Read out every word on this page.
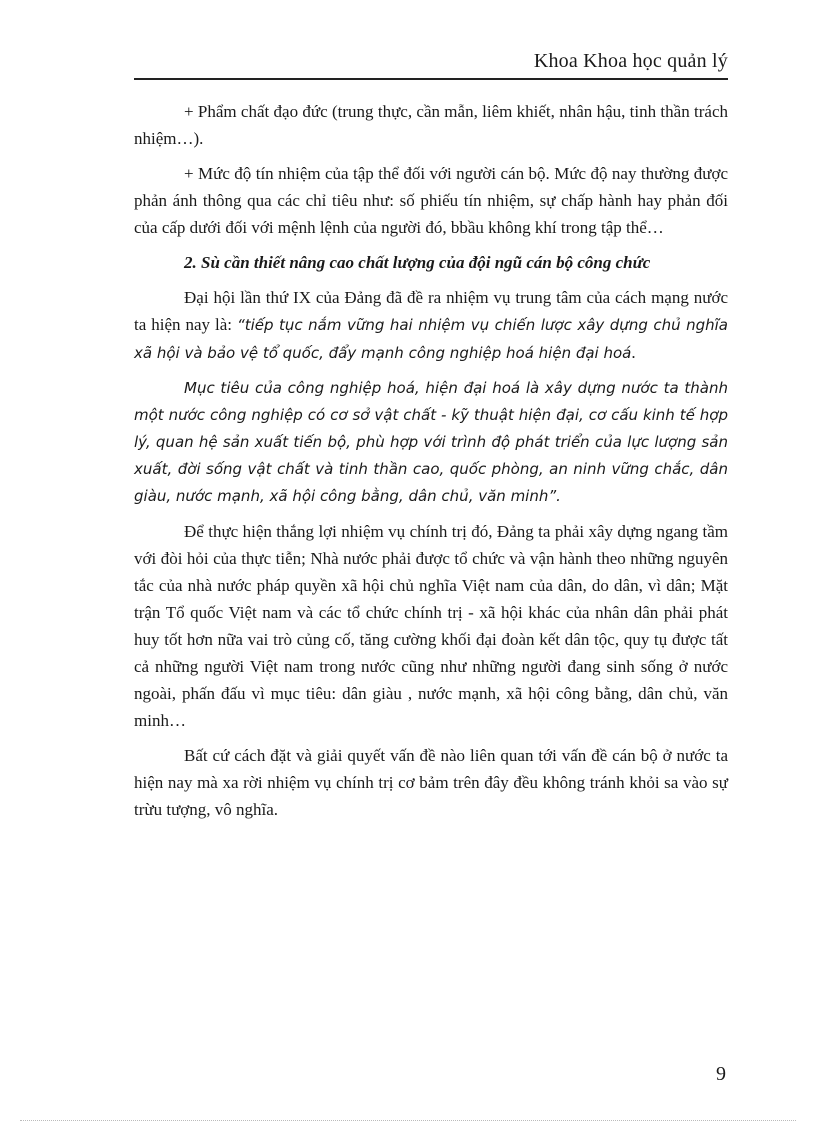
Khoa Khoa học quản lý

+ Phẩm chất đạo đức (trung thực, cần mẫn, liêm khiết, nhân hậu, tinh thần trách nhiệm…).

+ Mức độ tín nhiệm của tập thể đối với người cán bộ. Mức độ nay thường được phản ánh thông qua các chỉ tiêu như: số phiếu tín nhiệm, sự chấp hành hay phản đối của cấp dưới đối với mệnh lệnh của người đó, bbầu không khí trong tập thể…

2. Sù cần thiết nâng cao chất lượng của đội ngũ cán bộ công chức

Đại hội lần thứ IX của Đảng đã đề ra nhiệm vụ trung tâm của cách mạng nước ta hiện nay là: “tiếp tục nắm vững hai nhiệm vụ chiến lược xây dựng chủ nghĩa xã hội và bảo vệ tổ quốc, đẩy mạnh công nghiệp hoá hiện đại hoá.

Mục tiêu của công nghiệp hoá, hiện đại hoá là xây dựng nước ta thành một nước công nghiệp có cơ sở vật chất - kỹ thuật hiện đại, cơ cấu kinh tế hợp lý, quan hệ sản xuất tiến bộ, phù hợp với trình độ phát triển của lực lượng sản xuất, đời sống vật chất và tinh thần cao, quốc phòng, an ninh vững chắc, dân giàu, nước mạnh, xã hội công bằng, dân chủ, văn minh”.

Để thực hiện thắng lợi nhiệm vụ chính trị đó, Đảng ta phải xây dựng ngang tầm với đòi hỏi của thực tiễn; Nhà nước phải được tổ chức và vận hành theo những nguyên tắc của nhà nước pháp quyền xã hội chủ nghĩa Việt nam của dân, do dân, vì dân; Mặt trận Tổ quốc Việt nam và các tổ chức chính trị - xã hội khác của nhân dân phải phát huy tốt hơn nữa vai trò củng cố, tăng cường khối đại đoàn kết dân tộc, quy tụ được tất cả những người Việt nam trong nước cũng như những người đang sinh sống ở nước ngoài, phấn đấu vì mục tiêu: dân giàu , nước mạnh, xã hội công bằng, dân chủ, văn minh…

Bất cứ cách đặt và giải quyết vấn đề nào liên quan tới vấn đề cán bộ ở nước ta hiện nay mà xa rời nhiệm vụ chính trị cơ bảm trên đây đều không tránh khỏi sa vào sự trừu tượng, vô nghĩa.

9
